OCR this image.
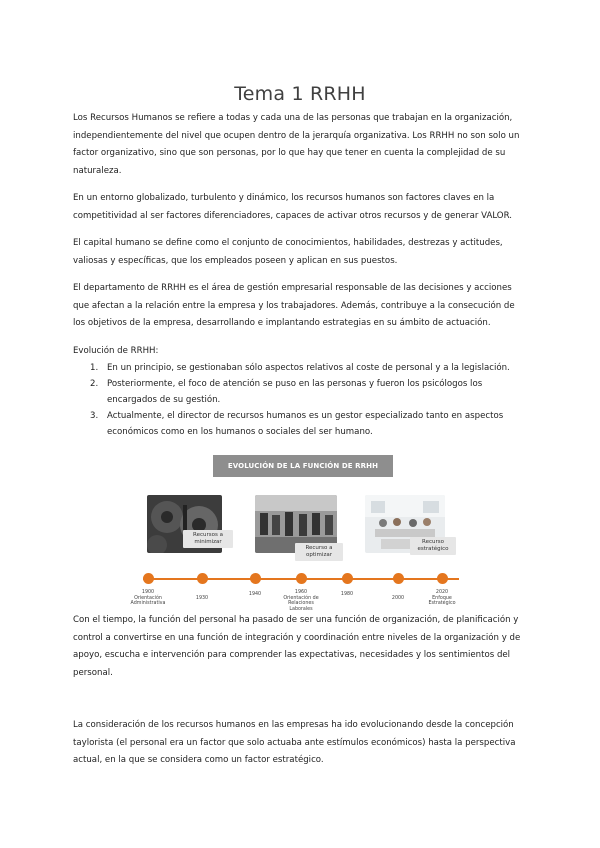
Tema 1 RRHH

Los Recursos Humanos se refiere a todas y cada una de las personas que trabajan en la organización, independientemente del nivel que ocupen dentro de la jerarquía organizativa. Los RRHH no son solo un factor organizativo, sino que son personas, por lo que hay que tener en cuenta la complejidad de su naturaleza.

En un entorno globalizado, turbulento y dinámico, los recursos humanos son factores claves en la competitividad al ser factores diferenciadores, capaces de activar otros recursos y de generar VALOR.

El capital humano se define como el conjunto de conocimientos, habilidades, destrezas y actitudes, valiosas y específicas, que los empleados poseen y aplican en sus puestos.

El departamento de RRHH es el área de gestión empresarial responsable de las decisiones y acciones que afectan a la relación entre la empresa y los trabajadores. Además, contribuye a la consecución de los objetivos de la empresa, desarrollando e implantando estrategias en su ámbito de actuación.

Evolución de RRHH:

1. En un principio, se gestionaban sólo aspectos relativos al coste de personal y a la legislación.
2. Posteriormente, el foco de atención se puso en las personas y fueron los psicólogos los encargados de su gestión.
3. Actualmente, el director de recursos humanos es un gestor especializado tanto en aspectos económicos como en los humanos o sociales del ser humano.
EVOLUCIÓN DE LA FUNCIÓN DE RRHH
Recursos a minimizar
Recurso a optimizar
Recurso estratégico
1900
Orientación Administrativa
1930
1940	1960
Orientación de Relaciones Laborales
1980
2000
2020
Enfoque Estratégico

Con el tiempo, la función del personal ha pasado de ser una función de organización, de planificación y control a convertirse en una función de integración y coordinación entre niveles de la organización y de apoyo, escucha e intervención para comprender las expectativas, necesidades y los sentimientos del personal.

La consideración de los recursos humanos en las empresas ha ido evolucionando desde la concepción taylorista (el personal era un factor que solo actuaba ante estímulos económicos) hasta la perspectiva actual, en la que se considera como un factor estratégico.
